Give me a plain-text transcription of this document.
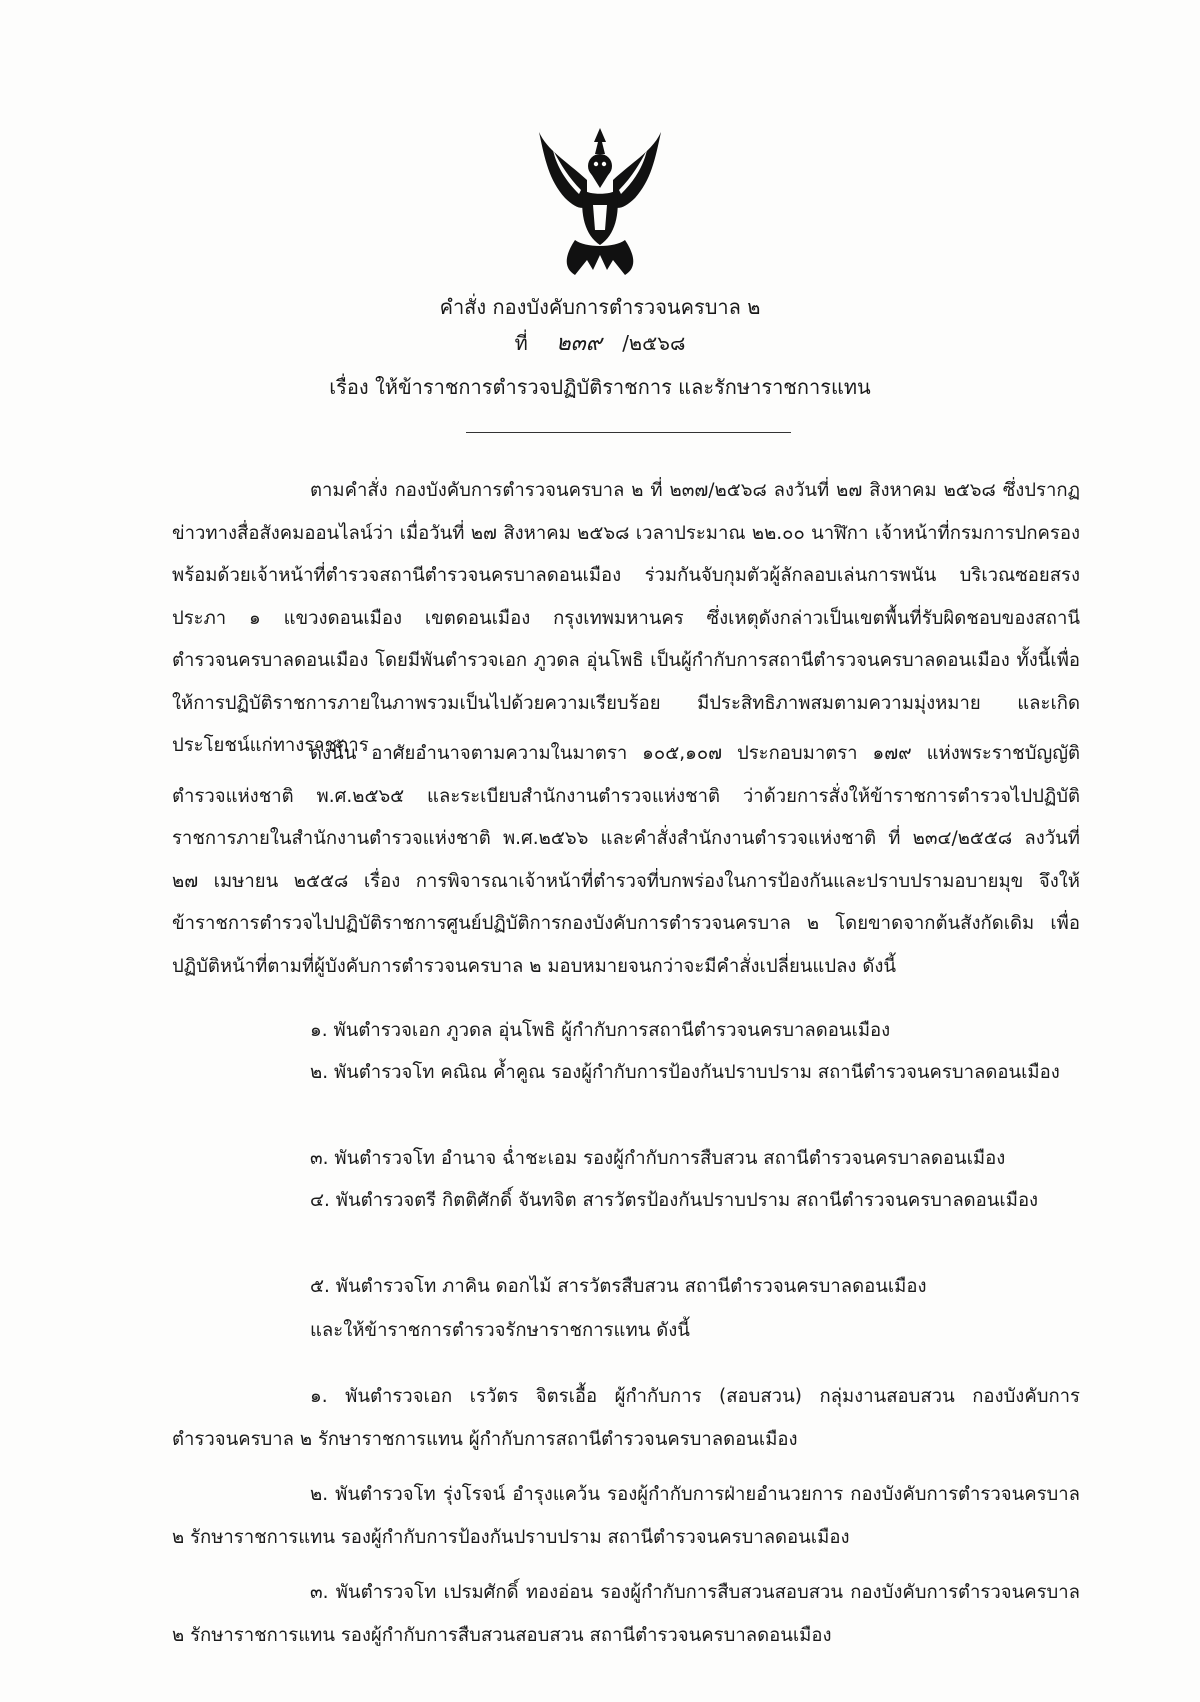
คำสั่ง กองบังคับการตำรวจนครบาล ๒
ที่ ๒๓๙ /๒๕๖๘
เรื่อง ให้ข้าราชการตำรวจปฏิบัติราชการ และรักษาราชการแทน

ตามคำสั่ง กองบังคับการตำรวจนครบาล ๒ ที่ ๒๓๗/๒๕๖๘ ลงวันที่ ๒๗ สิงหาคม ๒๕๖๘ ซึ่งปรากฏข่าวทางสื่อสังคมออนไลน์ว่า เมื่อวันที่ ๒๗ สิงหาคม ๒๕๖๘ เวลาประมาณ ๒๒.๐๐ นาฬิกา เจ้าหน้าที่กรมการปกครอง พร้อมด้วยเจ้าหน้าที่ตำรวจสถานีตำรวจนครบาลดอนเมือง ร่วมกันจับกุมตัวผู้ลักลอบเล่นการพนัน บริเวณซอยสรงประภา ๑ แขวงดอนเมือง เขตดอนเมือง กรุงเทพมหานคร ซึ่งเหตุดังกล่าวเป็นเขตพื้นที่รับผิดชอบของสถานีตำรวจนครบาลดอนเมือง โดยมีพันตำรวจเอก ภูวดล อุ่นโพธิ เป็นผู้กำกับการสถานีตำรวจนครบาลดอนเมือง ทั้งนี้เพื่อให้การปฏิบัติราชการภายในภาพรวมเป็นไปด้วยความเรียบร้อย มีประสิทธิภาพสมตามความมุ่งหมาย และเกิดประโยชน์แก่ทางราชการ

ดังนั้น อาศัยอำนาจตามความในมาตรา ๑๐๕,๑๐๗ ประกอบมาตรา ๑๗๙ แห่งพระราชบัญญัติตำรวจแห่งชาติ พ.ศ.๒๕๖๕ และระเบียบสำนักงานตำรวจแห่งชาติ ว่าด้วยการสั่งให้ข้าราชการตำรวจไปปฏิบัติราชการภายในสำนักงานตำรวจแห่งชาติ พ.ศ.๒๕๖๖ และคำสั่งสำนักงานตำรวจแห่งชาติ ที่ ๒๓๔/๒๕๕๘ ลงวันที่ ๒๗ เมษายน ๒๕๕๘ เรื่อง การพิจารณาเจ้าหน้าที่ตำรวจที่บกพร่องในการป้องกันและปราบปรามอบายมุข จึงให้ข้าราชการตำรวจไปปฏิบัติราชการศูนย์ปฏิบัติการกองบังคับการตำรวจนครบาล ๒ โดยขาดจากต้นสังกัดเดิม เพื่อปฏิบัติหน้าที่ตามที่ผู้บังคับการตำรวจนครบาล ๒ มอบหมายจนกว่าจะมีคำสั่งเปลี่ยนแปลง ดังนี้

๑. พันตำรวจเอก ภูวดล อุ่นโพธิ ผู้กำกับการสถานีตำรวจนครบาลดอนเมือง

๒. พันตำรวจโท คณิณ ค้ำคูณ รองผู้กำกับการป้องกันปราบปราม สถานีตำรวจนครบาลดอนเมือง

๓. พันตำรวจโท อำนาจ ฉ่ำชะเอม รองผู้กำกับการสืบสวน สถานีตำรวจนครบาลดอนเมือง

๔. พันตำรวจตรี กิตติศักดิ์ จันทจิต สารวัตรป้องกันปราบปราม สถานีตำรวจนครบาลดอนเมือง

๕. พันตำรวจโท ภาคิน ดอกไม้ สารวัตรสืบสวน สถานีตำรวจนครบาลดอนเมือง

และให้ข้าราชการตำรวจรักษาราชการแทน ดังนี้

๑. พันตำรวจเอก เรวัตร จิตรเอื้อ ผู้กำกับการ (สอบสวน) กลุ่มงานสอบสวน กองบังคับการตำรวจนครบาล ๒ รักษาราชการแทน ผู้กำกับการสถานีตำรวจนครบาลดอนเมือง

๒. พันตำรวจโท รุ่งโรจน์ อำรุงแคว้น รองผู้กำกับการฝ่ายอำนวยการ กองบังคับการตำรวจนครบาล ๒ รักษาราชการแทน รองผู้กำกับการป้องกันปราบปราม สถานีตำรวจนครบาลดอนเมือง

๓. พันตำรวจโท เปรมศักดิ์ ทองอ่อน รองผู้กำกับการสืบสวนสอบสวน กองบังคับการตำรวจนครบาล ๒ รักษาราชการแทน รองผู้กำกับการสืบสวนสอบสวน สถานีตำรวจนครบาลดอนเมือง
